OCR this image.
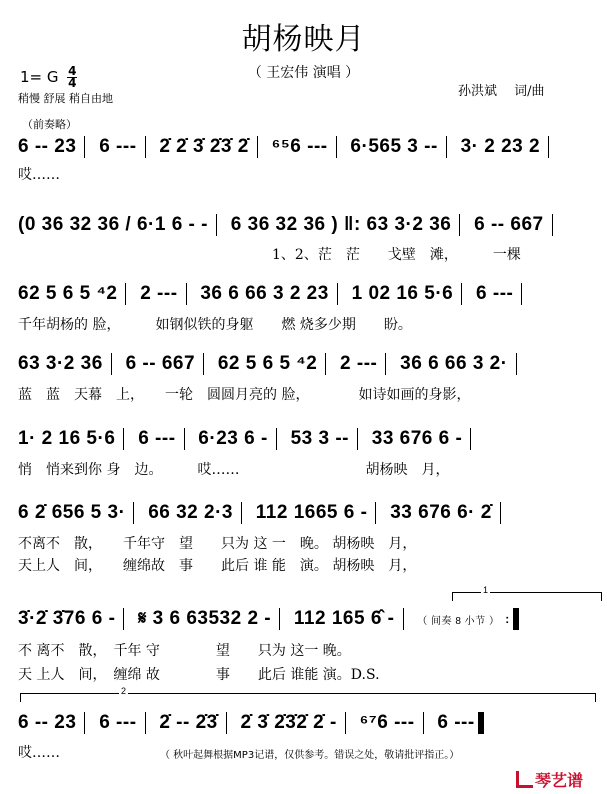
胡杨映月
（ 王宏伟 演唱 ）
1= G $\frac{4}{4}$
稍慢 舒展 稍自由地	孙洪斌　 词/曲
（前奏略）
6 -- 23 6 --- 2̇ 2̇ 3̇ 2̇3̇ 2̇ ⁶⁵6 --- 6·565 3 -- 3· 2 23 2
哎……
(0 36 32 36 / 6·1 6 - - 6 36 32 36 ) ‖: 63 3·2 36 6 -- 667
1、2、茫　茫　　戈壁　滩，　　　一棵
62 5 6 5 ⁴2 2 --- 36 6 66 3 2 23 1 02 16 5·6 6 ---
千年胡杨的 脸，　　　如钢似铁的身躯　　燃 烧多少期　　盼。
63 3·2 36 6 -- 667 62 5 6 5 ⁴2 2 --- 36 6 66 3 2·
蓝　蓝　天幕　上，　　一轮　圆圆月亮的 脸，　　　　如诗如画的身影，
1· 2 16 5·6 6 --- 6·23 6 - 53 3 -- 33 676 6 -
悄　悄来到你 身　边。　　　哎……　　　　　　　　　胡杨映　月，
6 2̇ 656 5 3· 66 32 2·3 112 1665 6 - 33 676 6· 2̇
不离不　散，　　千年守　望　　只为 这 一　晚。 胡杨映　月，
天上人　间，　　缠绵故　事　　此后 谁 能　演。 胡杨映　月，
1
3̇·2̇ 3̇76 6 - 𝄋 3 6 63532 2 - 112 165 6̂ - （ 间奏 8 小节 ） :
不 离不　散，　千年 守　　　　望　　只为 这一 晚。
天 上人　间，　缠绵 故　　　　事　　此后 谁能 演。D.S.
2
6 -- 23 6 --- 2̇ -- 2̇3̇ 2̇ 3̇ 2̇3̇2̇ 2̇ - ⁶⁷6 --- 6 ---
哎……	（ 秋叶起舞根据MP3记谱，仅供参考。错误之处，敬请批评指正。）
琴艺谱
